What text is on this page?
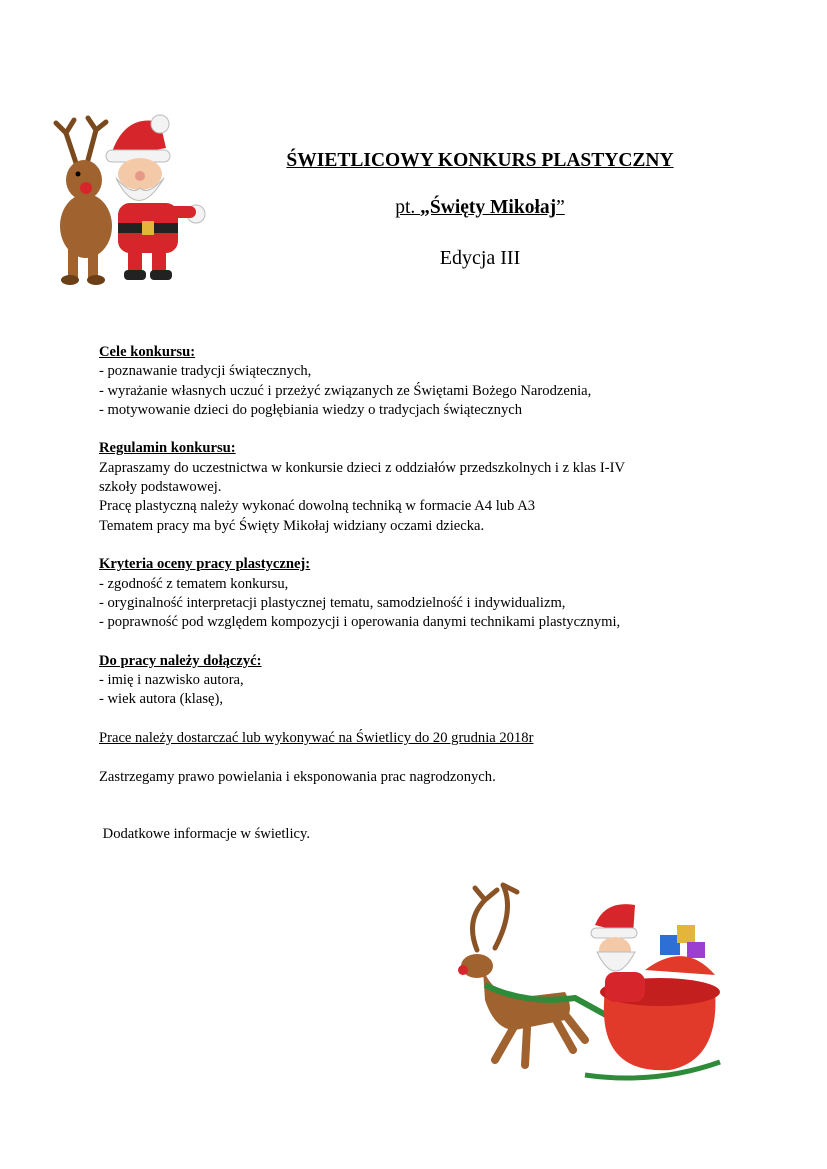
ŚWIETLICOWY KONKURS PLASTYCZNY
pt. „Święty Mikołaj”
Edycja III

Cele konkursu:

- poznawanie tradycji świątecznych,

- wyrażanie własnych uczuć i przeżyć związanych ze Świętami Bożego Narodzenia,

- motywowanie dzieci do pogłębiania wiedzy o tradycjach świątecznych

Regulamin konkursu:

Zapraszamy do uczestnictwa w konkursie dzieci z oddziałów przedszkolnych i z klas I-IV

szkoły podstawowej.

Pracę plastyczną należy wykonać dowolną techniką w formacie A4 lub A3

Tematem pracy ma być Święty Mikołaj widziany oczami dziecka.

Kryteria oceny pracy plastycznej:

- zgodność z tematem konkursu,

- oryginalność interpretacji plastycznej tematu, samodzielność i indywidualizm,

- poprawność pod względem kompozycji i operowania danymi technikami plastycznymi,

Do pracy należy dołączyć:

- imię i nazwisko autora,

- wiek autora (klasę),

Prace należy dostarczać lub wykonywać na Świetlicy do 20 grudnia 2018r

Zastrzegamy prawo powielania i eksponowania prac nagrodzonych.

Dodatkowe informacje w świetlicy.
